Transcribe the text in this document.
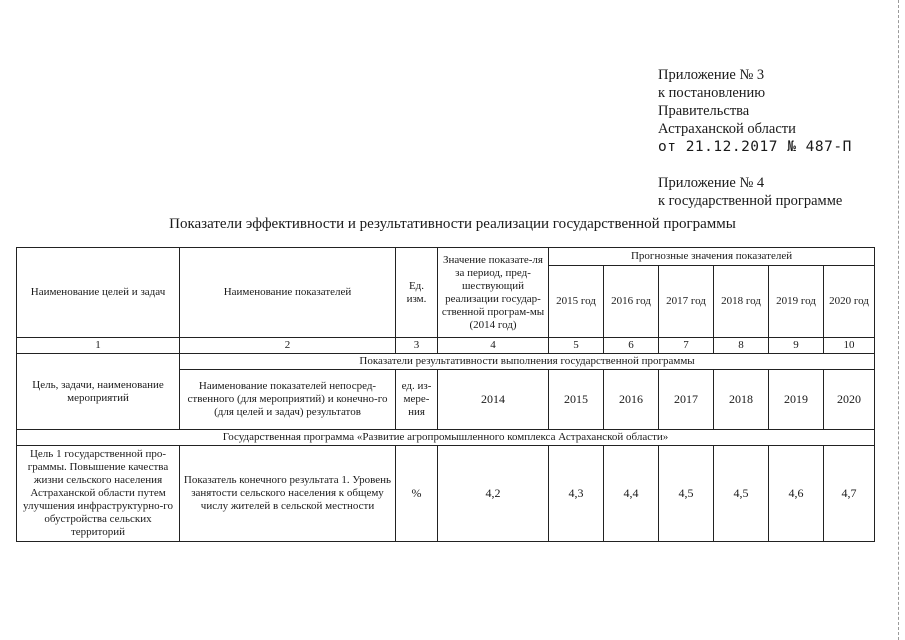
Приложение № 3
к постановлению
Правительства
Астраханской области
от 21.12.2017 № 487-П
Приложение № 4
к государственной программе
Показатели эффективности и результативности реализации государственной программы
Наименование целей и задач	Наименование показателей	Ед. изм.	Значение показате-ля за период, пред-шествующий реализации государ-ственной програм-мы (2014 год)	Прогнозные значения показателей					
				2015 год	2016 год	2017 год	2018 год	2019 год	2020 год
1	2	3	4	5	6	7	8	9	10
Цель, задачи, наименование мероприятий	Показатели результативности выполнения государственной программы								
	Наименование показателей непосред-ственного (для мероприятий) и конечно-го (для целей и задач) результатов	ед. из-мере-ния	2014	2015	2016	2017	2018	2019	2020
Государственная программа «Развитие агропромышленного комплекса Астраханской области»									
Цель 1 государственной про-граммы. Повышение качества жизни сельского населения Астраханской области путем улучшения инфраструктурно-го обустройства сельских территорий	Показатель конечного результата 1. Уровень занятости сельского населения к общему числу жителей в сельской местности	%	4,2	4,3	4,4	4,5	4,5	4,6	4,7
